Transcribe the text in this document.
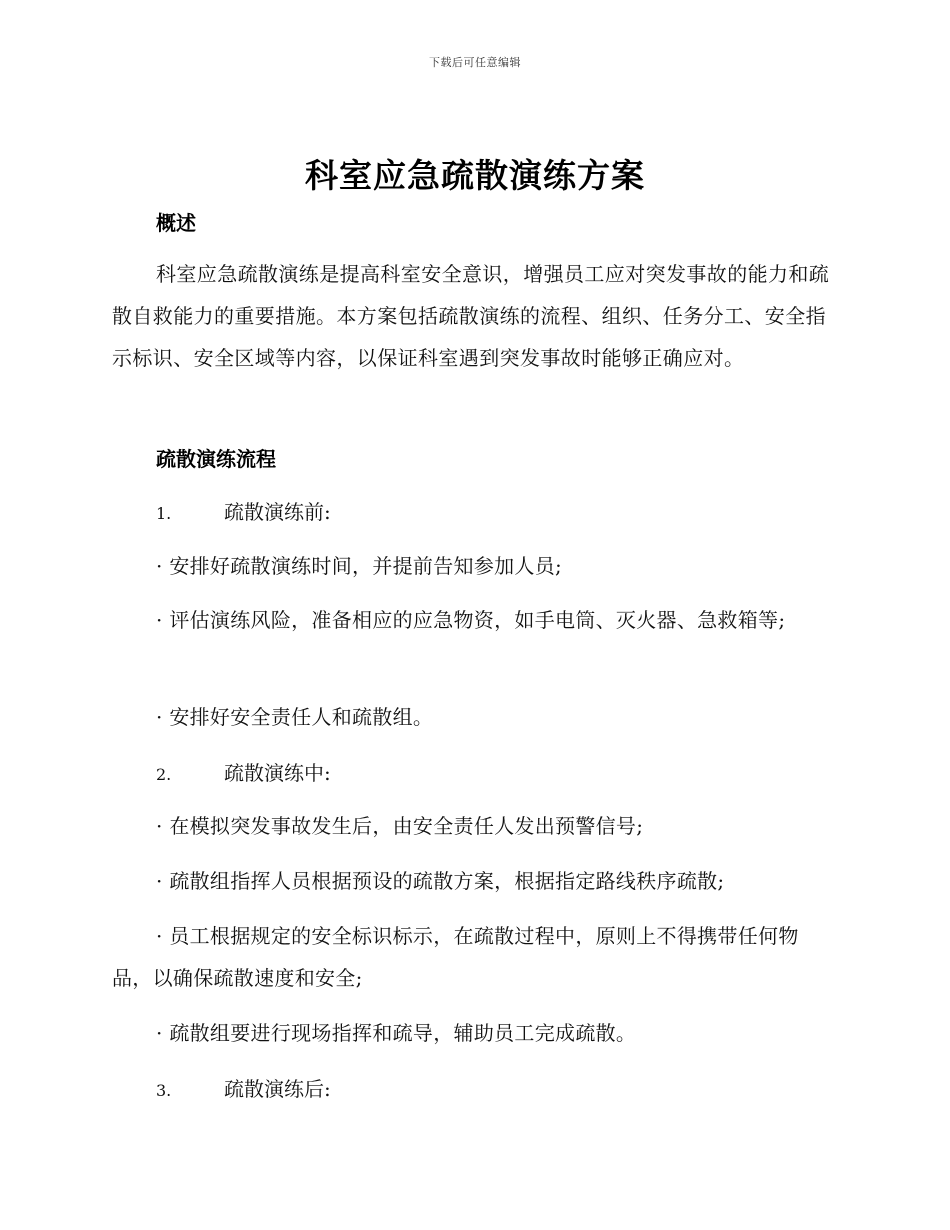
下载后可任意编辑
科室应急疏散演练方案
概述

科室应急疏散演练是提高科室安全意识，增强员工应对突发事故的能力和疏散自救能力的重要措施。本方案包括疏散演练的流程、组织、任务分工、安全指示标识、安全区域等内容，以保证科室遇到突发事故时能够正确应对。

疏散演练流程

1.	疏散演练前:

· 安排好疏散演练时间，并提前告知参加人员;

· 评估演练风险，准备相应的应急物资，如手电筒、灭火器、急救箱等;

· 安排好安全责任人和疏散组。

2.	疏散演练中:

· 在模拟突发事故发生后，由安全责任人发出预警信号;

· 疏散组指挥人员根据预设的疏散方案，根据指定路线秩序疏散;

· 员工根据规定的安全标识标示，在疏散过程中，原则上不得携带任何物品，以确保疏散速度和安全;

· 疏散组要进行现场指挥和疏导，辅助员工完成疏散。

3.	疏散演练后:
